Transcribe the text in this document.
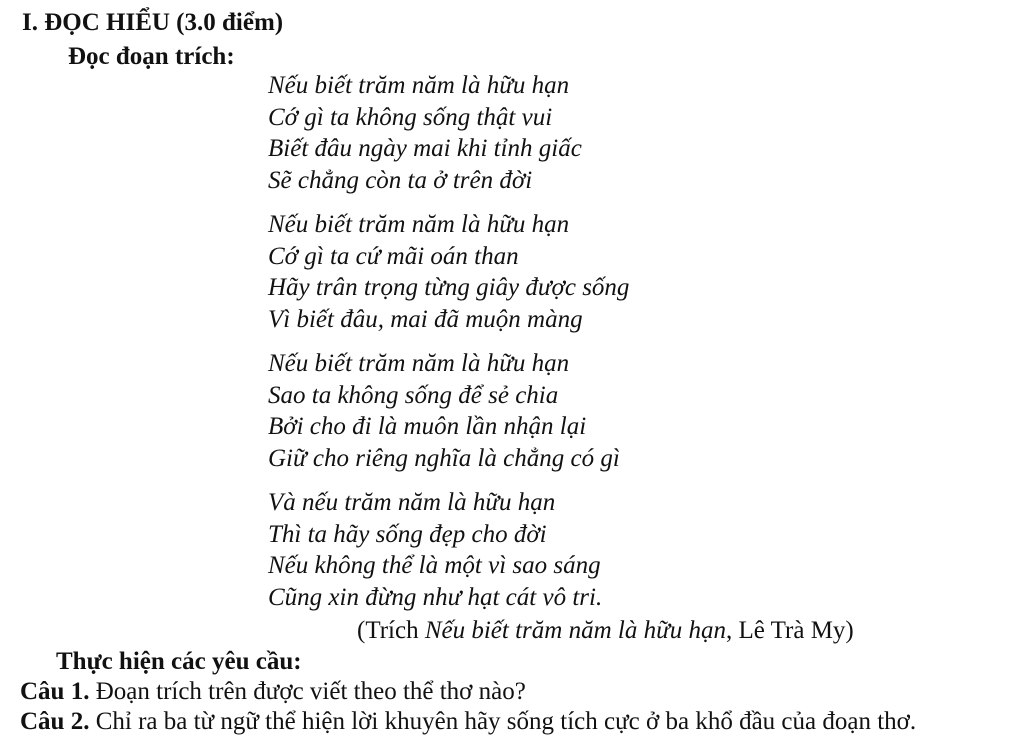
I. ĐỌC HIỂU (3.0 điểm)
Đọc đoạn trích:
Nếu biết trăm năm là hữu hạn
Cớ gì ta không sống thật vui
Biết đâu ngày mai khi tỉnh giấc
Sẽ chẳng còn ta ở trên đời
Nếu biết trăm năm là hữu hạn
Cớ gì ta cứ mãi oán than
Hãy trân trọng từng giây được sống
Vì biết đâu, mai đã muộn màng
Nếu biết trăm năm là hữu hạn
Sao ta không sống để sẻ chia
Bởi cho đi là muôn lần nhận lại
Giữ cho riêng nghĩa là chẳng có gì
Và nếu trăm năm là hữu hạn
Thì ta hãy sống đẹp cho đời
Nếu không thể là một vì sao sáng
Cũng xin đừng như hạt cát vô tri.
(Trích Nếu biết trăm năm là hữu hạn, Lê Trà My)
Thực hiện các yêu cầu:
Câu 1. Đoạn trích trên được viết theo thể thơ nào?
Câu 2. Chỉ ra ba từ ngữ thể hiện lời khuyên hãy sống tích cực ở ba khổ đầu của đoạn thơ.
